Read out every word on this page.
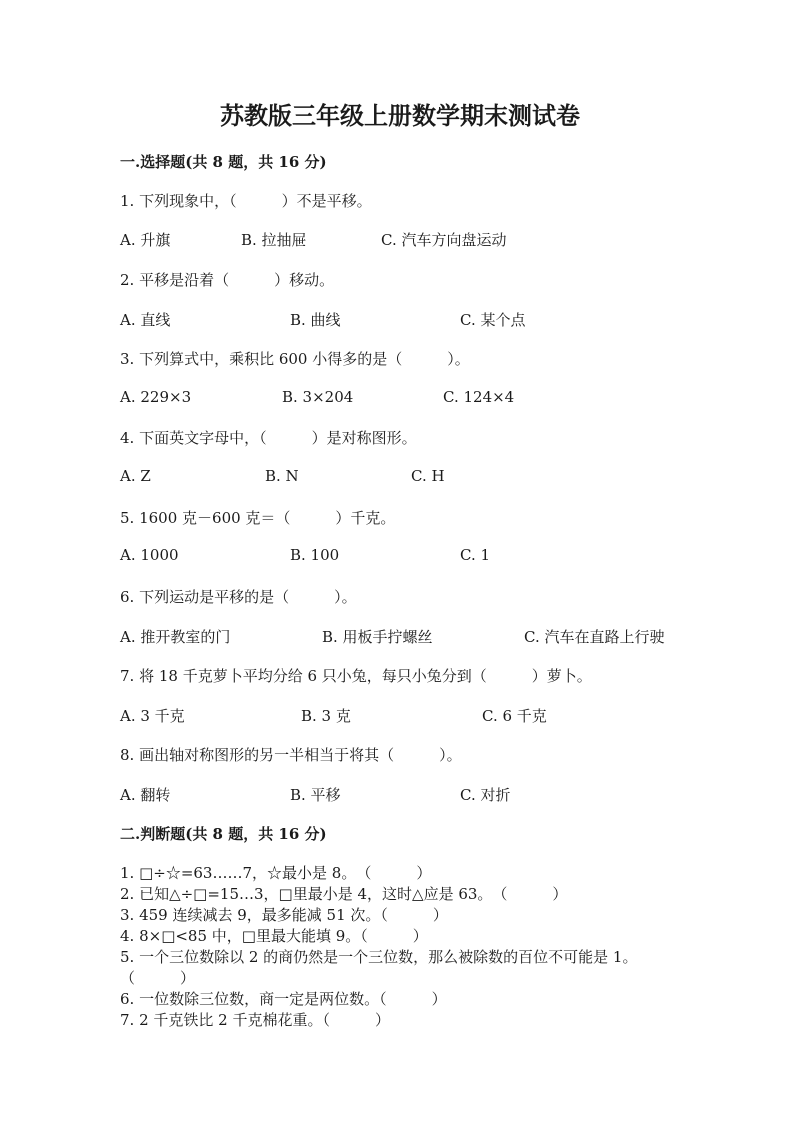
苏教版三年级上册数学期末测试卷
一.选择题(共 8 题，共 16 分)
1. 下列现象中，（　　　）不是平移。
A. 升旗	B. 拉抽屉	C. 汽车方向盘运动
2. 平移是沿着（　　　）移动。
A. 直线	B. 曲线	C. 某个点
3. 下列算式中，乘积比 600 小得多的是（　　　）。
A. 229×3	B. 3×204	C. 124×4
4. 下面英文字母中，（　　　）是对称图形。
A. Z	B. N	C. H
5. 1600 克－600 克＝（　　　）千克。
A. 1000	B. 100	C. 1
6. 下列运动是平移的是（　　　）。
A. 推开教室的门	B. 用板手拧螺丝	C. 汽车在直路上行驶
7. 将 18 千克萝卜平均分给 6 只小兔，每只小兔分到（　　　）萝卜。
A. 3 千克	B. 3 克	C. 6 千克
8. 画出轴对称图形的另一半相当于将其（　　　）。
A. 翻转	B. 平移	C. 对折
二.判断题(共 8 题，共 16 分)
1. □÷☆=63……7，☆最小是 8。　（　　　）
2. 已知△÷□=15…3，□里最小是 4，这时△应是 63。　（　　　）
3. 459 连续减去 9，最多能减 51 次。（　　　）
4. 8×□<85 中，□里最大能填 9。（　　　）
5. 一个三位数除以 2 的商仍然是一个三位数，那么被除数的百位不可能是 1。
（　　　）
6. 一位数除三位数，商一定是两位数。（　　　）
7. 2 千克铁比 2 千克棉花重。（　　　）
